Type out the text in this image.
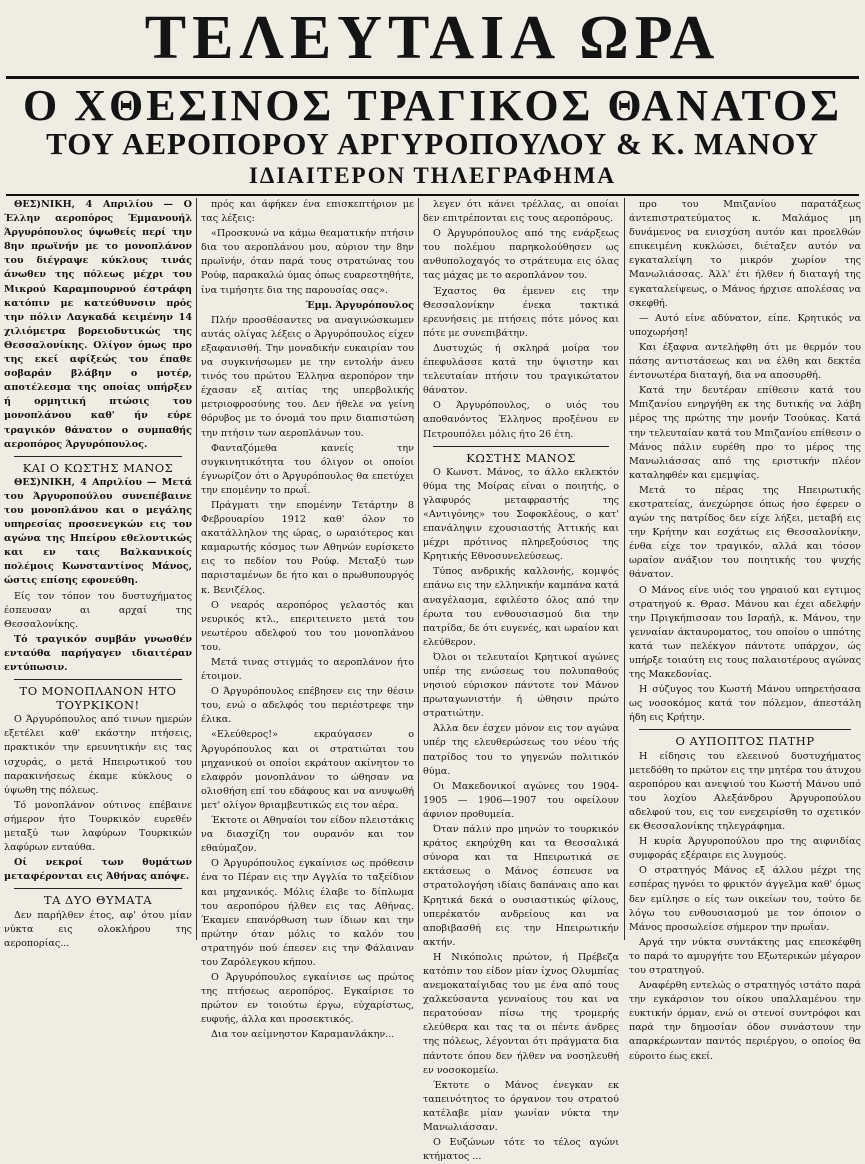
ΤΕΛΕΥΤΑΙΑ ΩΡΑ
Ο ΧΘΕΣΙΝΟΣ ΤΡΑΓΙΚΟΣ ΘΑΝΑΤΟΣ
ΤΟΥ ΑΕΡΟΠΟΡΟΥ ΑΡΓΥΡΟΠΟΥΛΟΥ & Κ. ΜΑΝΟΥ
ΙΔΙΑΙΤΕΡΟΝ ΤΗΛΕΓΡΑΦΗΜΑ

ΘΕΣ)ΝΙΚΗ, 4 Απριλίου — Ο Έλλην αεροπόρος Έμμανουήλ Άργυρόπουλος ύψωθείς περί την 8ην πρωϊνήν με το μονοπλάνον του διέγραψε κύκλους τινάς άνωθεν της πόλεως μέχρι του Μικρού Καραμπουρνού έστράφη κατόπιν με κατεύθυνσιν πρός την πόλιν Λαγκαδά κειμένην 14 χιλιόμετρα βορειοδυτικώς της Θεσσαλονίκης. Ολίγον όμως προ της εκεί αφίξεώς του έπαθε σοβαράν βλάβην ο μοτέρ, αποτέλεσμα της οποίας υπήρξεν ή ορμητική πτώσις του μονοπλάνου καθ' ήν εύρε τραγικόν θάνατον ο συμπαθής αεροπόρος Άργυρόπουλος.

ΚΑΙ Ο ΚΩΣΤΗΣ ΜΑΝΟΣ

ΘΕΣ)ΝΙΚΗ, 4 Απριλίου — Μετά του Άργυροπούλου συνεπέβαινε του μονοπλάνου και ο μεγάλης υπηρεσίας προσενεγκών εις τον αγώνα της Ηπείρου εθελοντικώς και εν ταις Βαλκανικοίς πολέμοις Κωνσταντίνος Μάνος, ώστις επίσης εφονεύθη.

Είς τον τόπον του δυστυχήματος έσπευσαν αι αρχαί της Θεσσαλονίκης.

Τό τραγικόν συμβάν γνωσθέν ενταύθα παρήγαγεν ιδιαιτέραν εντύπωσιν.

ΤΟ ΜΟΝΟΠΛΑΝΟΝ ΗΤΟ ΤΟΥΡΚΙΚΟΝ!

Ο Άργυρόπουλος από τινων ημερών εξετέλει καθ' εκάστην πτήσεις, πρακτικόν την ερευνητικήν εις τας ισχυράς, ο μετά Ηπειρωτικού του παρακινήσεως έκαμε κύκλους ο ύψωθη της πόλεως.

Τό μονοπλάνον ούτινος επέβαινε σήμερον ήτο Τουρκικόν ευρεθέν μεταξύ των λαφύρων Τουρκικών λαφύρων ενταύθα.

Οί νεκροί των θυμάτων μεταφέρονται εις Άθήνας απόψε.

ΤΑ ΔΥΟ ΘΥΜΑΤΑ

Δεν παρήλθεν έτος, αφ' ότου μίαν νύκτα εις ολοκλήρου της αεροπορίας...

πρός και άφήκεν ένα επισκεπτήριον με τας λέξεις:

«Προσκυνώ να κάμω θεαματικήν πτήσιν δια του αεροπλάνου μου, αύριον την 8ην πρωϊνήν, όταν παρά τους στρατώνας του Ρούφ, παρακαλώ ύμας όπως ευαρεστηθήτε, ίνα τιμήσητε δια της παρουσίας σας».

Έμμ. Άργυρόπουλος

Πλήν προσθέσαντες να αναγινώσκωμεν αυτάς ολίγας λέξεις ο Άργυρόπουλος είχεν εξαφανισθή. Την μοναδικήν ευκαιρίαν του να συγκινήσωμεν με την εντολήν άνευ τινός του πρώτου Έλληνα αεροπόρον την έχασαν εξ αιτίας της υπερβολικής μετριοφροσύνης του. Δεν ήθελε να γείνη θόρυβος με το όνομά του πριν διαπιστώση την πτήσιν των αεροπλάνων του.

Φανταζόμεθα κανείς την συγκινητικότητα του όλιγον οι οποίοι έγνωρίζον ότι ο Άργυρόπουλος θα επετύχει την επομένην το πρωΐ.

Πράγματι την επομένην Τετάρτην 8 Φεβρουαρίου 1912 καθ' όλον το ακατάλληλον της ώρας, ο ωραιότερος και καμαρωτής κόσμος των Αθηνών ευρίσκετο εις το πεδίον του Ρούφ. Μεταξύ των παρισταμένων δε ήτο και ο πρωθυπουργός κ. Βενιζέλος.

Ο νεαρός αεροπόρος γελαστός και νευρικός κτλ., επεριτεινετο μετά του νεωτέρου αδελφού του του μονοπλάνου του.

Μετά τινας στιγμάς το αεροπλάνον ήτο έτοιμον.

Ο Άργυρόπουλος επέβησεν εις την θέσιν του, ενώ ο αδελφός του περιέστρεφε την έλικα.

«Ελεύθερος!» εκραύγασεν ο Άργυρόπουλος και οι στρατιώται του μηχανικού οι οποίοι εκράτουν ακίνητον το ελαφρόν μονοπλάνον το ώθησαν να ολισθήση επί του εδάφους και να ανυψωθή μετ' ολίγον θριαμβευτικώς εις τον αέρα.

Έκτοτε οι Αθηναίοι τον είδον πλειστάκις να διασχίζη τον ουρανόν και τον εθαύμαζον.

Ο Άργυρόπουλος εγκαίνισε ως πρόθεσιν ένα το Πέραν εις την Αγγλία το ταξείδιον και μηχανικός. Μόλις έλαβε το δίπλωμα του αεροπόρου ήλθεν εις τας Αθήνας. Έκαμεν επανόρθωση των ίδιων και την πρώτην όταν μόλις το καλόν του στρατηγόν πού έπεσεν εις την Φάλαιναν του Ζαρόλεγκου κήπου.

Ο Άργυρόπουλος εγκαίνισε ως πρώτος της πτήσεως αεροπόρος. Εγκαίρισε το πρώτον εν τοιούτω έργω, εύχαρίστως, ευφυής, άλλα και προσεκτικός.

Δια τον αείμνηστον Καραμανλάκην...

λεγεν ότι κάνει τρέλλας, αι οποίαι δεν επιτρέπονται εις τους αεροπόρους.

Ο Άργυρόπουλος από της ενάρξεως του πολέμου παρηκολούθησεν ως ανθυπολοχαγός το στράτευμα εις όλας τας μάχας με το αεροπλάνον του.

Έχαστος θα έμενεν εις την Θεσσαλονίκην ένεκα τακτικά ερευνήσεις με πτήσεις πότε μόνος και πότε με συνεπιβάτην.

Δυστυχώς ή σκληρά μοίρα τον έπεφυλάσσε κατά την ύψιστην και τελευταίαν πτήσιν του τραγικώτατον θάνατον.

Ο Άργυρόπουλος, ο υιός του αποθανόντος Έλληνος προξένου εν Πετρουπόλει μόλις ήτο 26 έτη.

ΚΩΣΤΗΣ ΜΑΝΟΣ

Ο Κωνστ. Μάνος, το άλλο εκλεκτόν θύμα της Μοίρας είναι ο ποιητής, ο γλαφυρός μεταφραστής της «Αντιγόνης» του Σοφοκλέους, ο κατ' επανάληψιν εχουσιαστής Άττικής και μέχρι πρότινος πληρεξούσιος της Κρητικής Εθνοσυνελεύσεως.

Τύπος ανδρικής καλλονής, κομψός επάνω εις την ελληνικήν καμπάνα κατά αναγέλασμα, εφιλέστο όλος από την έρωτα του ενθουσιασμού δια την πατρίδα, δε ότι ευγενές, και ωραίον και ελεύθερον.

Όλοι οι τελευταίοι Κρητικοί αγώνες υπέρ της ενώσεως του πολυπαθούς νησιού εύρισκον πάντοτε τον Μάνον πρωταγωνιστήν ή ώθησιν πρώτο στρατιώτην.

Άλλα δεν έσχεν μόνον εις τον αγώνα υπέρ της ελευθερώσεως του νέου τής πατρίδος του το γηγενών πολιτικόν θύμα.

Οι Μακεδονικοί αγώνες του 1904-1905 — 1906—1907 του οφείλουν άφνιον προθυμεία.

Όταν πάλιν προ μηνών το τουρκικόν κράτος εκηρύχθη και τα Θεσσαλικά σύνορα και τα Ηπειρωτικά σε εκτάσεως ο Μάνος έσπευσε να στρατολογήση ιδίαις δαπάναις απο και Κρητικά δεκά ο ουσιαστικώς φίλους, υπερέκατόν ανδρείους και να αποβιβασθή εις την Ηπειρωτικήν ακτήν.

Η Νικόπολις πρώτον, ή Πρέβεζα κατόπιν του είδον μίαν ίχνος Ολυμπίας ανεμοκαταίγιδας του με ένα από τους χαλκεύσαντα γενναίους του και να περατούσαν πίσω της τρομερής ελεύθερα και τας τα οι πέντε άνδρες της πόλεως, λέγονται ότι πράγματα δια πάντοτε όπου δεν ήλθεν να νοσηλευθή εν νοσοκομείω.

Έκτοτε ο Μάνος ένεγκαν εκ ταπεινότητος το όργανον του στρατού κατέλαβε μίαν γωνίαν νύκτα την Μανωλιάσσαν.

Ο Ευζώνων τότε το τέλος αγώνι κτήματος ...

προ του Μπιζανίου παρατάξεως άντεπιστρατεύματος κ. Μαλάμος μη δυνάμενος να ενισχύση αυτόν και προελθών επικειμένη κυκλώσει, διέταξεν αυτόν να εγκαταλείψη το μικρόν χωρίον της Μανωλιάσσας. Άλλ' έτι ήλθεν ή διαταγή της εγκαταλείψεως, ο Μάνος ήρχισε απολέσας να σκεφθή.

— Αυτό είνε αδύνατον, είπε. Κρητικός να υποχωρήση!

Και έξαφνα αντελήφθη ότι με θερμόν του πάσης αντιστάσεως και να έλθη και δεκτέα έντονωτέρα διαταγή, δια να αποσυρθή.

Κατά την δευτέραν επίθεσιν κατά του Μπιζανίου ενηργήθη εκ της δυτικής να λάβη μέρος της πρώτης την μονήν Τσούκας. Κατά την τελευταίαν κατά του Μπιζανίου επίθεσιν ο Μάνος πάλιν ευρέθη προ το μέρος της Μανωλιάσσας από της εριστικήν πλέον καταληφθέν και εμεμψίας.

Μετά το πέρας της Ηπειρωτικής εκστρατείας, άνεχώρησε όπως ήσο έφερεν ο αγών της πατρίδος δεν είχε λήξει, μεταβή εις την Κρήτην και εσχάτως εις Θεσσαλονίκην, ένθα είχε τον τραγικόν, αλλά και τόσον ωραίον ανάξιον του ποιητικής του ψυχής θάνατον.

Ο Μάνος είνε υιός του γηραιού και εγτιμος στρατηγού κ. Θρασ. Μάνου και έχει αδελφήν την Πριγκήπισσαν του Ισραήλ, κ. Μάνου, την γενναίαν άκταυροματος, του οποίου ο ιππότης κατά των πελέκγον πάντοτε υπάρχον, ώς υπήρξε τοιαύτη εις τους παλαιοτέρους αγώνας της Μακεδονίας.

Η σύζυγος του Κωστή Μάνου υπηρετήσασα ως νοσοκόμος κατά τον πόλεμον, άπεστάλη ήδη εις Κρήτην.

Ο ΑΥΠΟΠΤΟΣ ΠΑΤΗΡ

Η είδησις του ελεεινού δυστυχήματος μετεδόθη το πρώτον εις την μητέρα του άτυχου αεροπόρου και ανεψιού του Κωστή Μάνου υπό του λοχίου Αλεξάνδρου Άργυροπούλου αδελφού του, εις τον ενεχειρίσθη το σχετικόν εκ Θεσσαλονίκης τηλεγράφημα.

Η κυρία Άργυροπούλου προ της αιφνιδίας συμφοράς εξέραιρε εις λυγμούς.

Ο στρατηγός Μάνος εξ άλλου μέχρι της εσπέρας ηγνόει το φρικτόν άγγελμα καθ' όμως δεν εμίλησε ο είς των οικείων του, τούτο δε λόγω του ενθουσιασμού με τον όποιον ο Μάνος προσωλείσε σήμερον την πρωΐαν.

Αργά την νύκτα συντάκτης μας επεσκέφθη το παρά το αμυργήτε του Εξωτερικών μέγαρον του στρατηγού.

Αναφέρθη εντελώς ο στρατηγός ιστάτο παρά την εγκάρσιον του οίκου υπαλλαμένου την ευκτικήν όρμαν, ενώ οι στενοί συντρόφοι και παρά την δημοσίαν όδον συνάστουν την απαρκέρωνταν παντός περιέργου, ο οποίος θα εύροιτο έως εκεί.
